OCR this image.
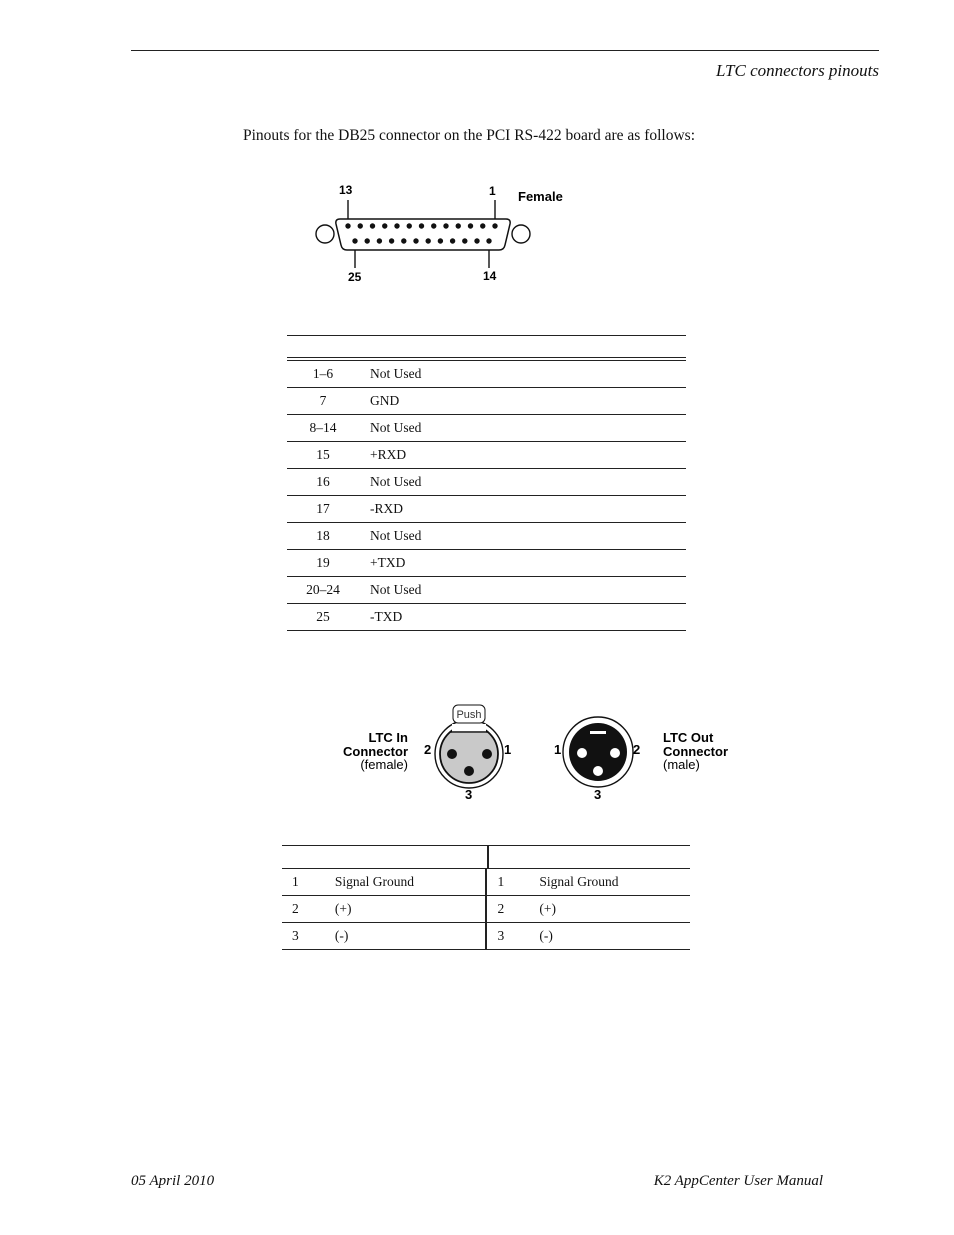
LTC connectors pinouts
Pinouts for the DB25 connector on the PCI RS-422 board are as follows:
13	1 Female
25	14
1–6	Not Used
7	GND
8–14	Not Used
15	+RXD
16	Not Used
17	-RXD
18	Not Used
19	+TXD
20–24	Not Used
25	-TXD
LTC In
Connector
(female)
Push
2	1
3
1	2
3
LTC Out
Connector
(male)
1	Signal Ground	1	Signal Ground
2	(+)	2	(+)
3	(-)	3	(-)
05 April 2010	K2 AppCenter User Manual
